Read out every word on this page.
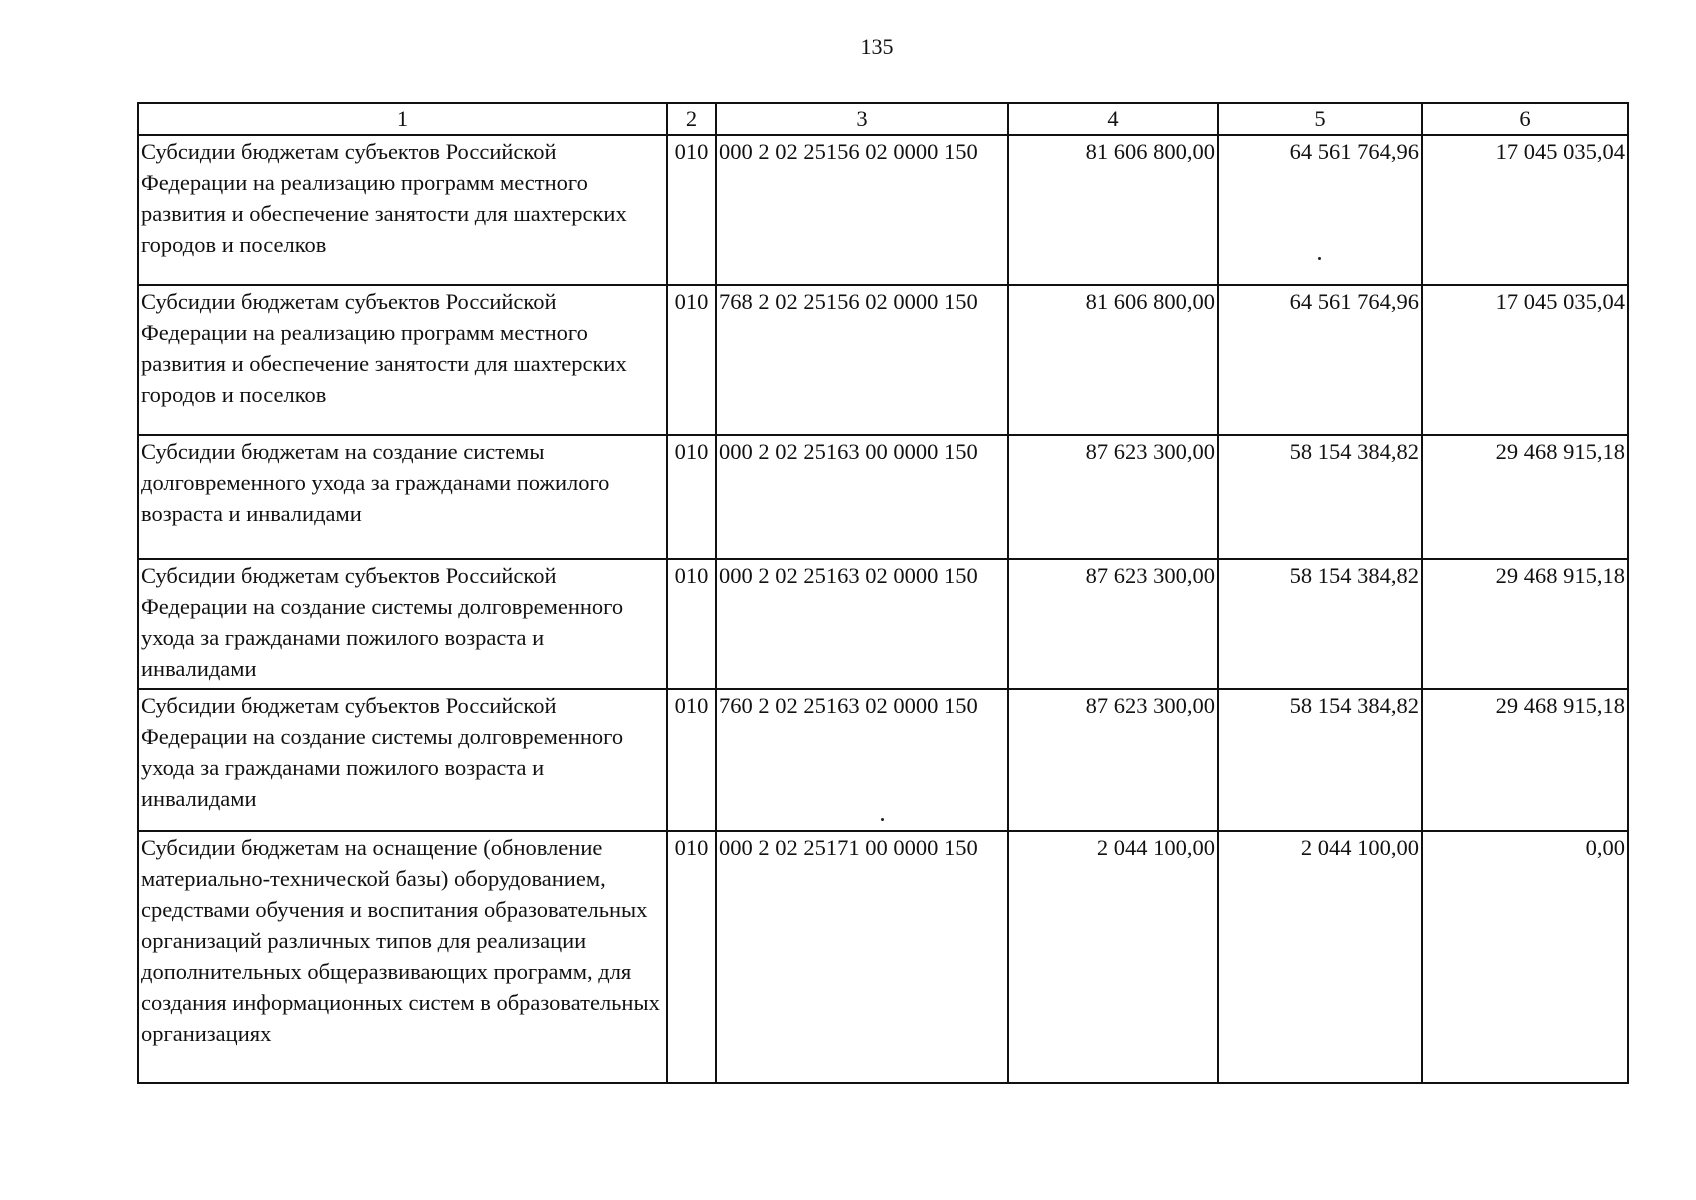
135
1	2	3	4	5	6
Субсидии бюджетам субъектов Российской Федерации на реализацию программ местного развития и обеспечение занятости для шахтерских городов и поселков	010	000 2 02 25156 02 0000 150	81 606 800,00	64 561 764,96	17 045 035,04
Субсидии бюджетам субъектов Российской Федерации на реализацию программ местного развития и обеспечение занятости для шахтерских городов и поселков	010	768 2 02 25156 02 0000 150	81 606 800,00	64 561 764,96	17 045 035,04
Субсидии бюджетам на создание системы долговременного ухода за гражданами пожилого возраста и инвалидами	010	000 2 02 25163 00 0000 150	87 623 300,00	58 154 384,82	29 468 915,18
Субсидии бюджетам субъектов Российской Федерации на создание системы долговременного ухода за гражданами пожилого возраста и инвалидами	010	000 2 02 25163 02 0000 150	87 623 300,00	58 154 384,82	29 468 915,18
Субсидии бюджетам субъектов Российской Федерации на создание системы долговременного ухода за гражданами пожилого возраста и инвалидами	010	760 2 02 25163 02 0000 150	87 623 300,00	58 154 384,82	29 468 915,18
Субсидии бюджетам на оснащение (обновление материально-технической базы) оборудованием, средствами обучения и воспитания образовательных организаций различных типов для реализации дополнительных общеразвивающих программ, для создания информационных систем в образовательных организациях	010	000 2 02 25171 00 0000 150	2 044 100,00	2 044 100,00	0,00
